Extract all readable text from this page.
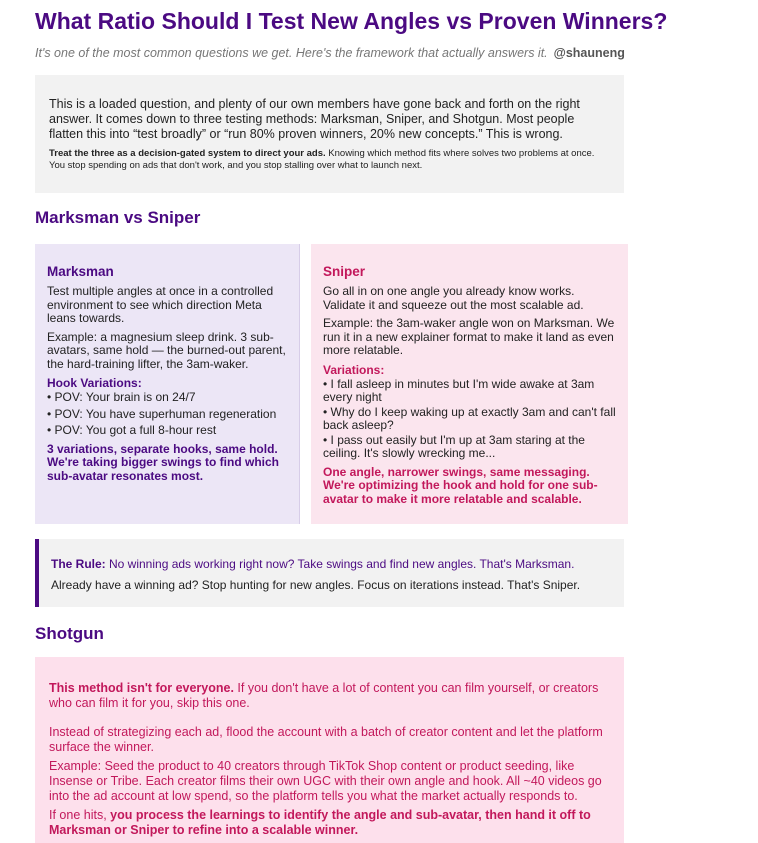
What Ratio Should I Test New Angles vs Proven Winners?
It's one of the most common questions we get. Here's the framework that actually answers it. @shauneng

This is a loaded question, and plenty of our own members have gone back and forth on the right answer. It comes down to three testing methods: Marksman, Sniper, and Shotgun. Most people flatten this into “test broadly” or “run 80% proven winners, 20% new concepts.” This is wrong.

Treat the three as a decision-gated system to direct your ads. Knowing which method fits where solves two problems at once. You stop spending on ads that don't work, and you stop stalling over what to launch next.

Marksman vs Sniper
Marksman

Test multiple angles at once in a controlled environment to see which direction Meta leans towards.

Example: a magnesium sleep drink. 3 sub-avatars, same hold — the burned-out parent, the hard-training lifter, the 3am-waker.

Hook Variations:
• POV: Your brain is on 24/7
• POV: You have superhuman regeneration
• POV: You got a full 8-hour rest
3 variations, separate hooks, same hold. We're taking bigger swings to find which sub-avatar resonates most.
Sniper

Go all in on one angle you already know works. Validate it and squeeze out the most scalable ad.

Example: the 3am-waker angle won on Marksman. We run it in a new explainer format to make it land as even more relatable.

Variations:
• I fall asleep in minutes but I'm wide awake at 3am every night
• Why do I keep waking up at exactly 3am and can't fall back asleep?
• I pass out easily but I'm up at 3am staring at the ceiling. It's slowly wrecking me...
One angle, narrower swings, same messaging. We're optimizing the hook and hold for one sub-avatar to make it more relatable and scalable.

The Rule: No winning ads working right now? Take swings and find new angles. That's Marksman.

Already have a winning ad? Stop hunting for new angles. Focus on iterations instead. That's Sniper.

Shotgun

This method isn't for everyone. If you don't have a lot of content you can film yourself, or creators who can film it for you, skip this one.

Instead of strategizing each ad, flood the account with a batch of creator content and let the platform surface the winner.

Example: Seed the product to 40 creators through TikTok Shop content or product seeding, like Insense or Tribe. Each creator films their own UGC with their own angle and hook. All ~40 videos go into the ad account at low spend, so the platform tells you what the market actually responds to.

If one hits, you process the learnings to identify the angle and sub-avatar, then hand it off to Marksman or Sniper to refine into a scalable winner.
